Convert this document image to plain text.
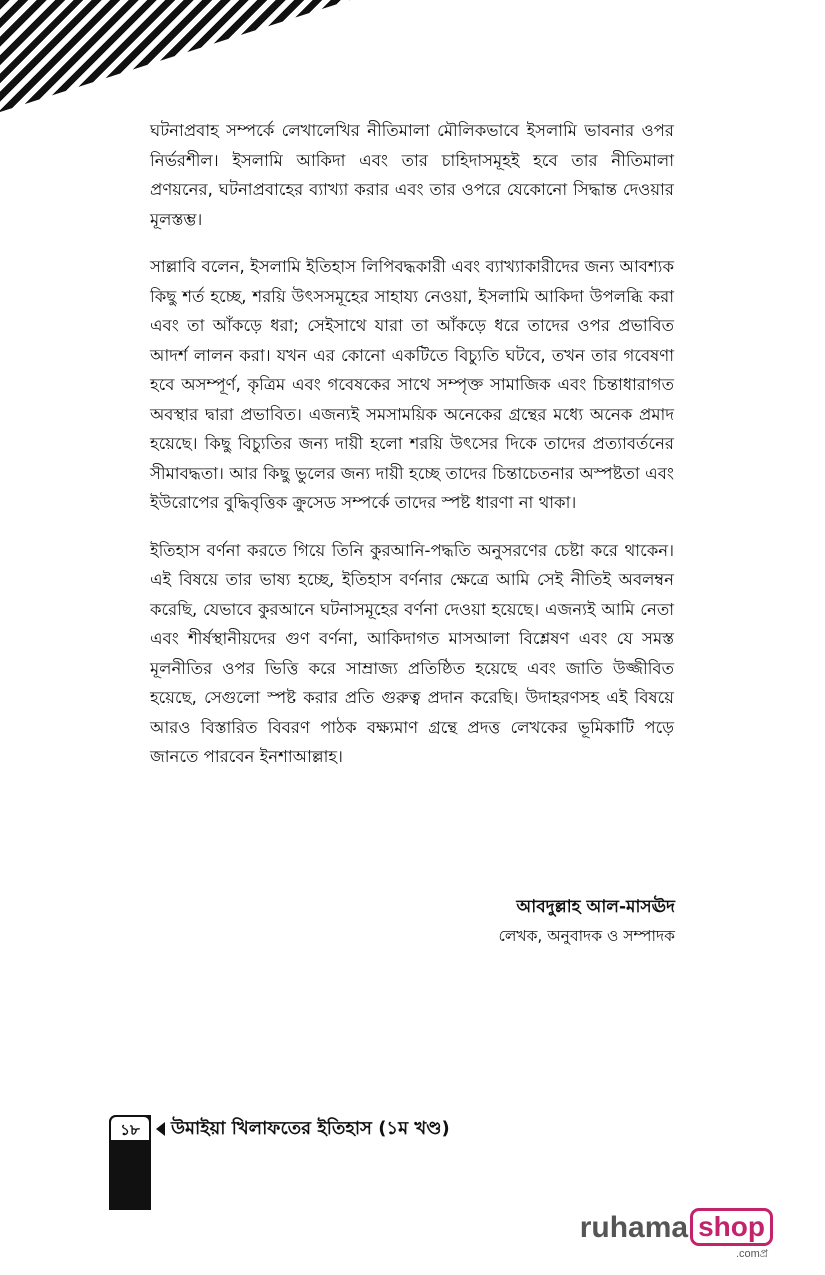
ঘটনাপ্রবাহ সম্পর্কে লেখালেখির নীতিমালা মৌলিকভাবে ইসলামি ভাবনার ওপর নির্ভরশীল। ইসলামি আকিদা এবং তার চাহিদাসমূহই হবে তার নীতিমালা প্রণয়নের, ঘটনাপ্রবাহের ব্যাখ্যা করার এবং তার ওপরে যেকোনো সিদ্ধান্ত দেওয়ার মূলস্তম্ভ।

সাল্লাবি বলেন, ইসলামি ইতিহাস লিপিবদ্ধকারী এবং ব্যাখ্যাকারীদের জন্য আবশ্যক কিছু শর্ত হচ্ছে, শরয়ি উৎসসমূহের সাহায্য নেওয়া, ইসলামি আকিদা উপলব্ধি করা এবং তা আঁকড়ে ধরা; সেইসাথে যারা তা আঁকড়ে ধরে তাদের ওপর প্রভাবিত আদর্শ লালন করা। যখন এর কোনো একটিতে বিচ্যুতি ঘটবে, তখন তার গবেষণা হবে অসম্পূর্ণ, কৃত্রিম এবং গবেষকের সাথে সম্পৃক্ত সামাজিক এবং চিন্তাধারাগত অবস্থার দ্বারা প্রভাবিত। এজন্যই সমসাময়িক অনেকের গ্রন্থের মধ্যে অনেক প্রমাদ হয়েছে। কিছু বিচ্যুতির জন্য দায়ী হলো শরয়ি উৎসের দিকে তাদের প্রত্যাবর্তনের সীমাবদ্ধতা। আর কিছু ভুলের জন্য দায়ী হচ্ছে তাদের চিন্তাচেতনার অস্পষ্টতা এবং ইউরোপের বুদ্ধিবৃত্তিক ক্রুসেড সম্পর্কে তাদের স্পষ্ট ধারণা না থাকা।

ইতিহাস বর্ণনা করতে গিয়ে তিনি কুরআনি-পদ্ধতি অনুসরণের চেষ্টা করে থাকেন। এই বিষয়ে তার ভাষ্য হচ্ছে, ইতিহাস বর্ণনার ক্ষেত্রে আমি সেই নীতিই অবলম্বন করেছি, যেভাবে কুরআনে ঘটনাসমূহের বর্ণনা দেওয়া হয়েছে। এজন্যই আমি নেতা এবং শীর্ষস্থানীয়দের গুণ বর্ণনা, আকিদাগত মাসআলা বিশ্লেষণ এবং যে সমস্ত মূলনীতির ওপর ভিত্তি করে সাম্রাজ্য প্রতিষ্ঠিত হয়েছে এবং জাতি উজ্জীবিত হয়েছে, সেগুলো স্পষ্ট করার প্রতি গুরুত্ব প্রদান করেছি। উদাহরণসহ এই বিষয়ে আরও বিস্তারিত বিবরণ পাঠক বক্ষ্যমাণ গ্রন্থে প্রদত্ত লেখকের ভূমিকাটি পড়ে জানতে পারবেন ইনশাআল্লাহ।

আবদুল্লাহ আল-মাসঊদ
লেখক, অনুবাদক ও সম্পাদক
১৮	উমাইয়া খিলাফতের ইতিহাস (১ম খণ্ড)
ruhama shop
.comপ্র
